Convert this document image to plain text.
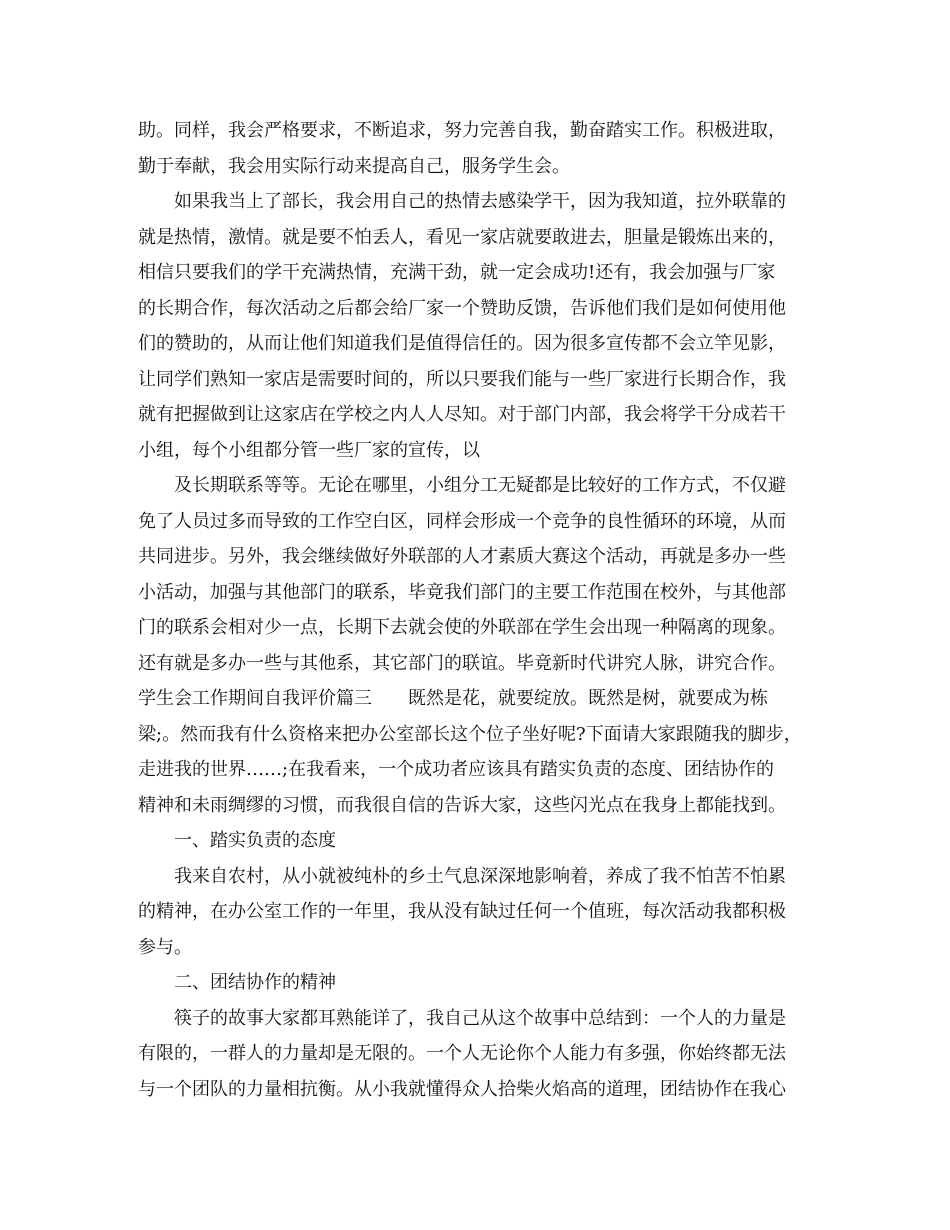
助。同样，我会严格要求，不断追求，努力完善自我，勤奋踏实工作。积极进取，
勤于奉献，我会用实际行动来提高自己，服务学生会。
如果我当上了部长，我会用自己的热情去感染学干，因为我知道，拉外联靠的
就是热情，激情。就是要不怕丢人，看见一家店就要敢进去，胆量是锻炼出来的，
相信只要我们的学干充满热情，充满干劲，就一定会成功!还有，我会加强与厂家
的长期合作，每次活动之后都会给厂家一个赞助反馈，告诉他们我们是如何使用他
们的赞助的，从而让他们知道我们是值得信任的。因为很多宣传都不会立竿见影，
让同学们熟知一家店是需要时间的，所以只要我们能与一些厂家进行长期合作，我
就有把握做到让这家店在学校之内人人尽知。对于部门内部，我会将学干分成若干
小组，每个小组都分管一些厂家的宣传，以
及长期联系等等。无论在哪里，小组分工无疑都是比较好的工作方式，不仅避
免了人员过多而导致的工作空白区，同样会形成一个竞争的良性循环的环境，从而
共同进步。另外，我会继续做好外联部的人才素质大赛这个活动，再就是多办一些
小活动，加强与其他部门的联系，毕竟我们部门的主要工作范围在校外，与其他部
门的联系会相对少一点，长期下去就会使的外联部在学生会出现一种隔离的现象。
还有就是多办一些与其他系，其它部门的联谊。毕竟新时代讲究人脉，讲究合作。
学生会工作期间自我评价篇三　　既然是花，就要绽放。既然是树，就要成为栋
梁;。然而我有什么资格来把办公室部长这个位子坐好呢?下面请大家跟随我的脚步，
走进我的世界……;在我看来，一个成功者应该具有踏实负责的态度、团结协作的
精神和未雨绸缪的习惯，而我很自信的告诉大家，这些闪光点在我身上都能找到。
一、踏实负责的态度
我来自农村，从小就被纯朴的乡土气息深深地影响着，养成了我不怕苦不怕累
的精神，在办公室工作的一年里，我从没有缺过任何一个值班，每次活动我都积极
参与。
二、团结协作的精神
筷子的故事大家都耳熟能详了，我自己从这个故事中总结到：一个人的力量是
有限的，一群人的力量却是无限的。一个人无论你个人能力有多强，你始终都无法
与一个团队的力量相抗衡。从小我就懂得众人拾柴火焰高的道理，团结协作在我心
